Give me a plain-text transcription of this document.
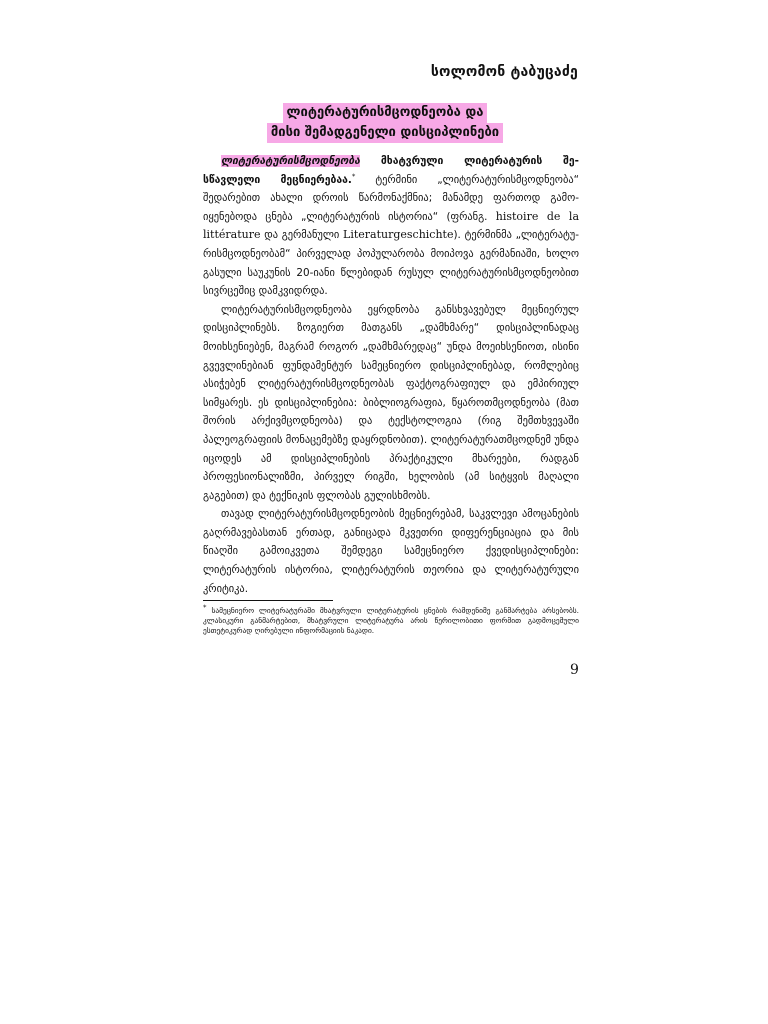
სოლომონ ტაბუცაძე
ლიტერატურისმცოდნეობა და
მისი შემადგენელი დისციპლინები

ლიტერატურისმცოდნეობა მხატვრული ლიტერატურის შესწავლელი მეცნიერებაა.* ტერმინი „ლიტერატურისმცოდნეობა“ შედარებით ახალი დროის წარმონაქმნია; მანამდე ფართოდ გამოიყენებოდა ცნება „ლიტერატურის ისტორია“ (ფრანგ. histoire de la littérature და გერმანული Literaturgeschichte). ტერმინმა „ლიტერატურისმცოდნეობამ“ პირველად პოპულარობა მოიპოვა გერმანიაში, ხოლო გასული საუკუნის 20-იანი წლებიდან რუსულ ლიტერატურისმცოდნეობით სივრცეშიც დამკვიდრდა.

ლიტერატურისმცოდნეობა ეყრდნობა განსხვავებულ მეცნიერულ დისციპლინებს. ზოგიერთ მათგანს „დამხმარე“ დისციპლინადაც მოიხსენიებენ, მაგრამ როგორ „დამხმარედაც“ უნდა მოეიხსენიოთ, ისინი გვევლინებიან ფუნდამენტურ სამეცნიერო დისციპლინებად, რომლებიც ასიჭებენ ლიტერატურისმცოდნეობას ფაქტოგრაფიულ და ემპირიულ სიმყარეს. ეს დისციპლინებია: ბიბლიოგრაფია, წყაროთმცოდნეობა (მათ შორის არქივმცოდნეობა) და ტექსტოლოგია (რიგ შემთხვევაში პალეოგრაფიის მონაცემებზე დაყრდნობით). ლიტერატურათმცოდნემ უნდა იცოდეს ამ დისციპლინების პრაქტიკული მხარეები, რადგან პროფესიონალიზმი, პირველ რიგში, ხელობის (ამ სიტყვის მაღალი გაგებით) და ტექნიკის ფლობას გულისხმობს.

თავად ლიტერატურისმცოდნეობის მეცნიერებამ, საკვლევი ამოცანების გაღრმავებასთან ერთად, განიცადა მკვეთრი დიფერენციაცია და მის წიაღში გამოიკვეთა შემდეგი სამეცნიერო ქვედისციპლინები: ლიტერატურის ისტორია, ლიტერატურის თეორია და ლიტერატურული კრიტიკა.

* სამეცნიერო ლიტერატურაში მხატვრული ლიტერატურის ცნების რამდენიმე განმარტება არსებობს. კლასიკური განმარტებით, მხატვრული ლიტერატურა არის წერილობითი ფორმით გადმოცემული ესთეტიკურად ღირებული ინფორმაციის ნაკადი.
9
